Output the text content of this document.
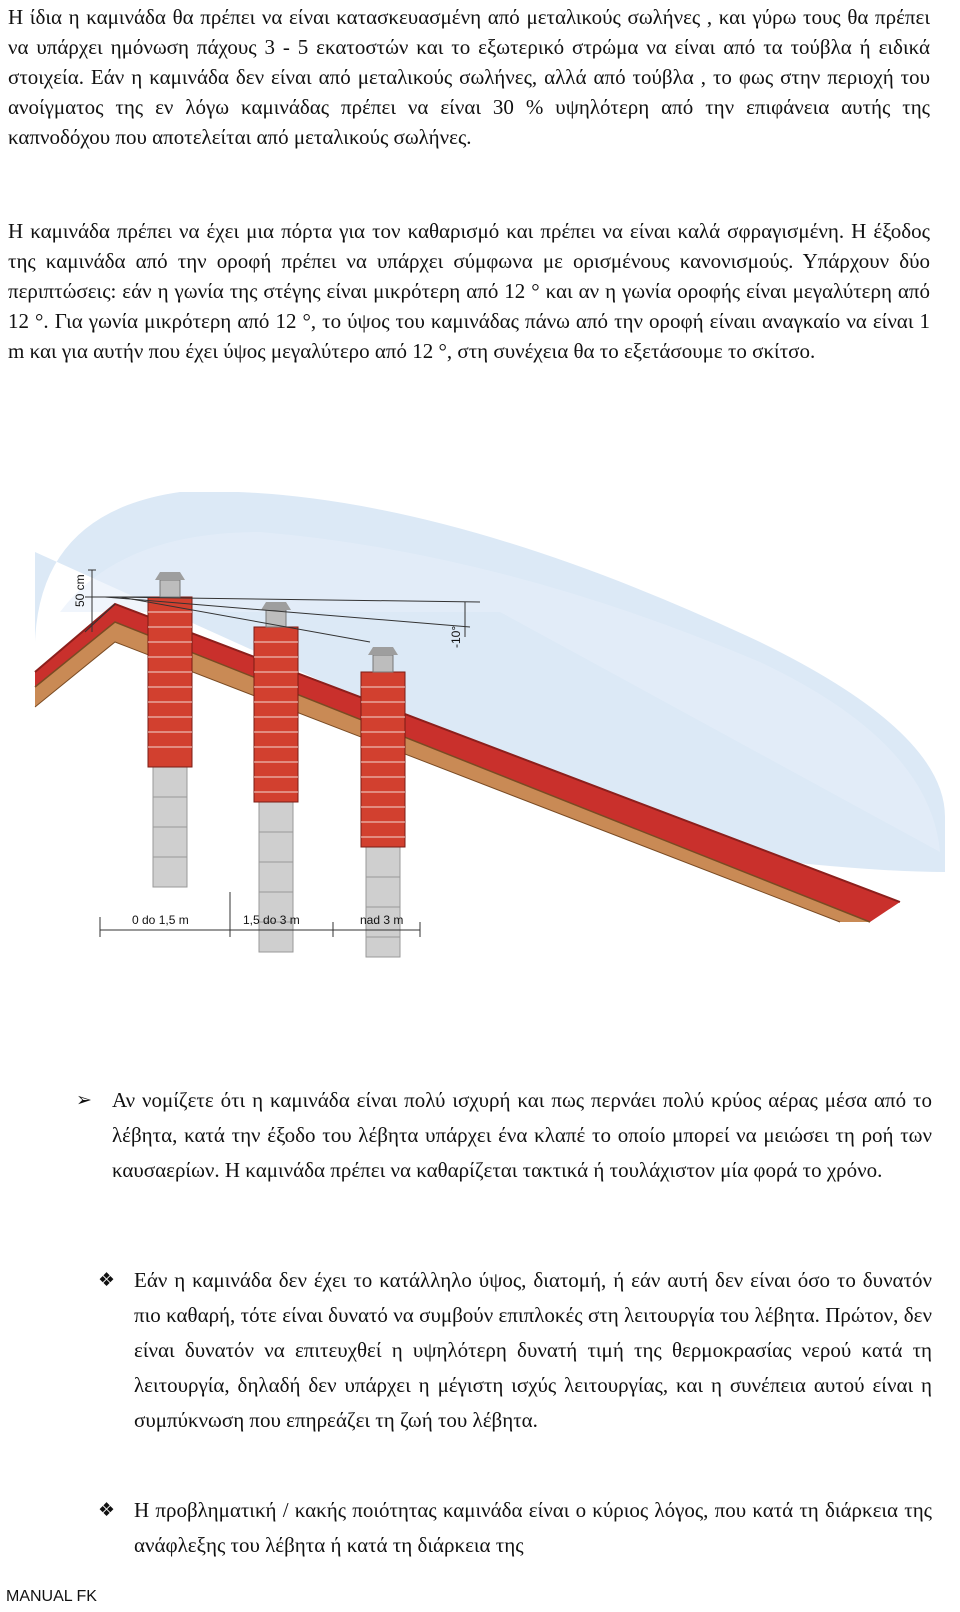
Η ίδια η καμινάδα θα πρέπει να είναι κατασκευασμένη από μεταλικούς σωλήνες , και γύρω τους θα πρέπει να υπάρχει ημόνωση πάχους 3 - 5 εκατοστών και το εξωτερικό στρώμα να είναι από τα τούβλα ή ειδικά στοιχεία. Εάν η καμινάδα δεν είναι από μεταλικούς σωλήνες, αλλά από τούβλα , το φως στην περιοχή του ανοίγματος της εν λόγω καμινάδας πρέπει να είναι 30 % υψηλότερη από την επιφάνεια αυτής της καπνοδόχου που αποτελείται από μεταλικούς σωλήνες.

Η καμινάδα πρέπει να έχει μια πόρτα για τον καθαρισμό και πρέπει να είναι καλά σφραγισμένη. Η έξοδος της καμινάδα από την οροφή πρέπει να υπάρχει σύμφωνα με ορισμένους κανονισμούς. Υπάρχουν δύο περιπτώσεις: εάν η γωνία της στέγης είναι μικρότερη από 12 ° και αν η γωνία οροφής είναι μεγαλύτερη από 12 °. Για γωνία μικρότερη από 12 °, το ύψος του καμινάδας πάνω από την οροφή είναιι αναγκαίο να είναι 1 m και για αυτήν που έχει ύψος μεγαλύτερο από 12 °, στη συνέχεια θα το εξετάσουμε το σκίτσο.

50 cm
-10°
0 do 1,5 m	1,5 do 3 m	nad 3 m
➢ Αν νομίζετε ότι η καμινάδα είναι πολύ ισχυρή και πως περνάει πολύ κρύος αέρας μέσα από το λέβητα, κατά την έξοδο του λέβητα υπάρχει ένα κλαπέ το οποίο μπορεί να μειώσει τη ροή των καυσαερίων. Η καμινάδα πρέπει να καθαρίζεται τακτικά ή τουλάχιστον μία φορά το χρόνο.

❖ Εάν η καμινάδα δεν έχει το κατάλληλο ύψος, διατομή, ή εάν αυτή δεν είναι όσο το δυνατόν πιο καθαρή, τότε είναι δυνατό να συμβούν επιπλοκές στη λειτουργία του λέβητα. Πρώτον, δεν είναι δυνατόν να επιτευχθεί η υψηλότερη δυνατή τιμή της θερμοκρασίας νερού κατά τη λειτουργία, δηλαδή δεν υπάρχει η μέγιστη ισχύς λειτουργίας, και η συνέπεια αυτού είναι η συμπύκνωση που επηρεάζει τη ζωή του λέβητα.

❖ Η προβληματική / κακής ποιότητας καμινάδα είναι ο κύριος λόγος, που κατά τη διάρκεια της ανάφλεξης του λέβητα ή κατά τη διάρκεια της

MANUAL FK
